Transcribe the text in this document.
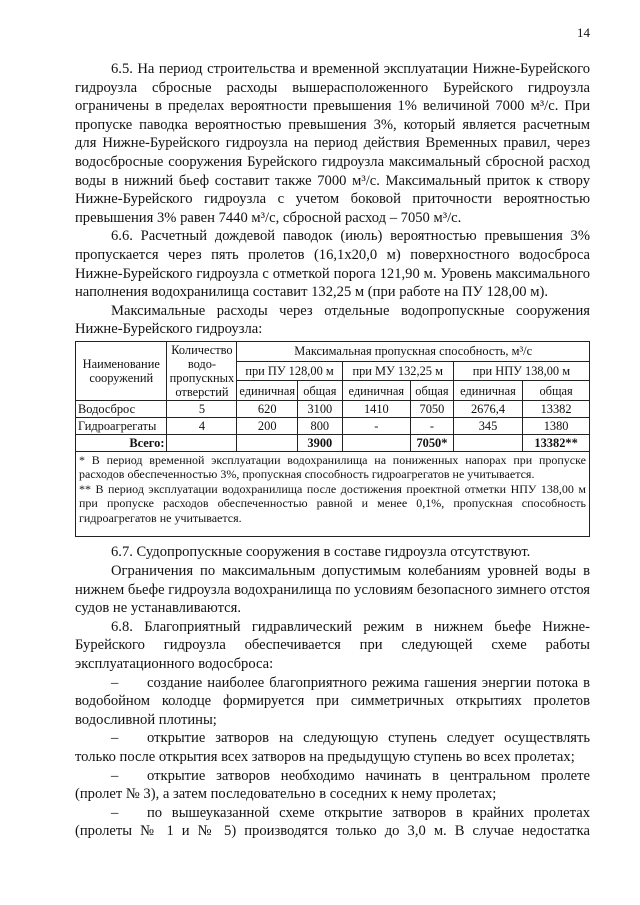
14

6.5. На период строительства и временной эксплуатации Нижне-Бурейского гидроузла сбросные расходы вышерасположенного Бурейского гидроузла ограничены в пределах вероятности превышения 1% величиной 7000 м³/с. При пропуске паводка вероятностью превышения 3%, который является расчетным для Нижне-Бурейского гидроузла на период действия Временных правил, через водосбросные сооружения Бурейского гидроузла максимальный сбросной расход воды в нижний бьеф составит также 7000 м³/с. Максимальный приток к створу Нижне-Бурейского гидроузла с учетом боковой приточности вероятностью превышения 3% равен 7440 м³/с, сбросной расход – 7050 м³/с.

6.6. Расчетный дождевой паводок (июль) вероятностью превышения 3% пропускается через пять пролетов (16,1х20,0 м) поверхностного водосброса Нижне-Бурейского гидроузла с отметкой порога 121,90 м. Уровень максимального наполнения водохранилища составит 132,25 м (при работе на ПУ 128,00 м).

Максимальные расходы через отдельные водопропускные сооружения Нижне-Бурейского гидроузла:

Наименование сооружений	Количество водо-пропускных отверстий	Максимальная пропускная способность, м³/с					
		при ПУ 128,00 м		при МУ 132,25 м		при НПУ 138,00 м	
		единичная	общая	единичная	общая	единичная	общая
Водосброс	5	620	3100	1410	7050	2676,4	13382
Гидроагрегаты	4	200	800	-	-	345	1380
Всего:			3900		7050*		13382**

* В период временной эксплуатации водохранилища на пониженных напорах при пропуске расходов обеспеченностью 3%, пропускная способность гидроагрегатов не учитывается.
** В период эксплуатации водохранилища после достижения проектной отметки НПУ 138,00 м при пропуске расходов обеспеченностью равной и менее 0,1%, пропускная способность гидроагрегатов не учитывается.							

6.7. Судопропускные сооружения в составе гидроузла отсутствуют.

Ограничения по максимальным допустимым колебаниям уровней воды в нижнем бьефе гидроузла водохранилища по условиям безопасного зимнего отстоя судов не устанавливаются.

6.8. Благоприятный гидравлический режим в нижнем бьефе Нижне-Бурейского гидроузла обеспечивается при следующей схеме работы эксплуатационного водосброса:

– создание наиболее благоприятного режима гашения энергии потока в водобойном колодце формируется при симметричных открытиях пролетов водосливной плотины;

– открытие затворов на следующую ступень следует осуществлять только после открытия всех затворов на предыдущую ступень во всех пролетах;

– открытие затворов необходимо начинать в центральном пролете (пролет № 3), а затем последовательно в соседних к нему пролетах;

– по вышеуказанной схеме открытие затворов в крайних пролетах (пролеты № 1 и № 5) производятся только до 3,0 м. В случае недостатка
